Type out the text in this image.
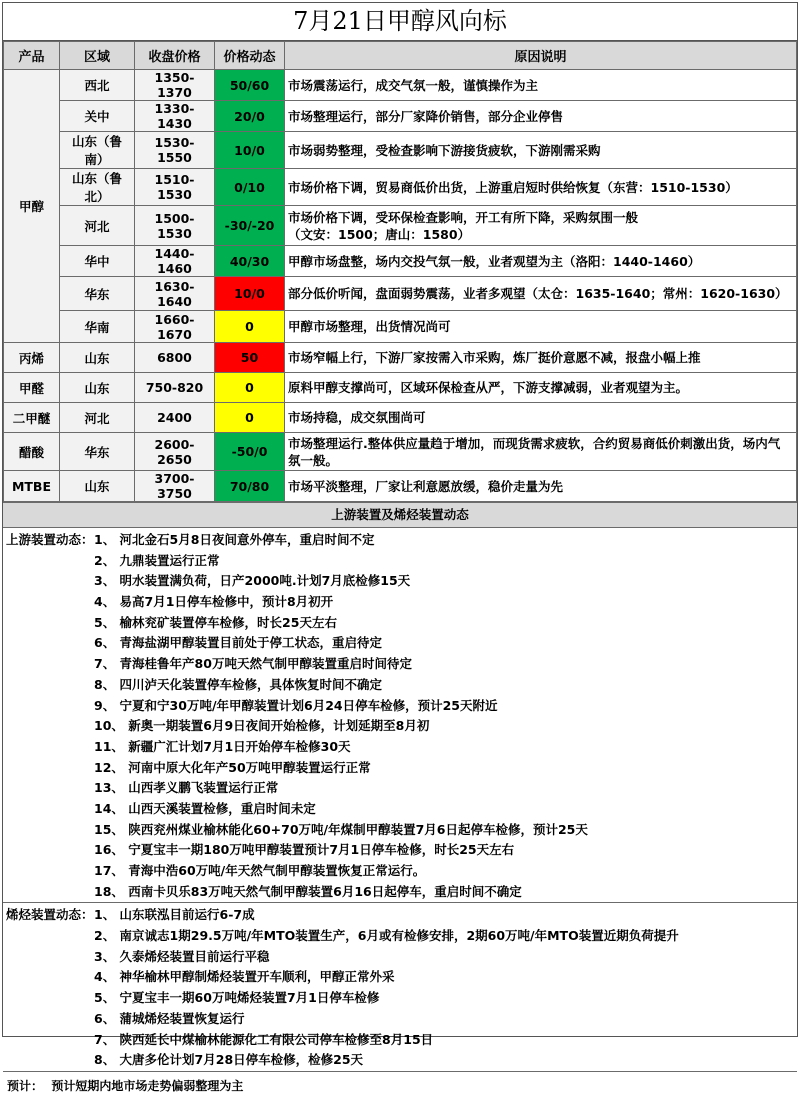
7月21日甲醇风向标
产品	区域	收盘价格	价格动态	原因说明
甲醇	西北	1350-1370	50/60	市场震荡运行，成交气氛一般，谨慎操作为主
	关中	1330-1430	20/0	市场整理运行，部分厂家降价销售，部分企业停售
	山东（鲁南）	1530-1550	10/0	市场弱势整理，受检查影响下游接货疲软，下游刚需采购
	山东（鲁北）	1510-1530	0/10	市场价格下调，贸易商低价出货，上游重启短时供给恢复（东营：1510-1530）
	河北	1500-1530	-30/-20	市场价格下调，受环保检查影响，开工有所下降，采购氛围一般
（文安：1500；唐山：1580）
	华中	1440-1460	40/30	甲醇市场盘整，场内交投气氛一般，业者观望为主（洛阳：1440-1460）
	华东	1630-1640	10/0	部分低价听闻，盘面弱势震荡，业者多观望（太仓：1635-1640；常州：1620-1630）
	华南	1660-1670	0	甲醇市场整理，出货情况尚可
丙烯	山东	6800	50	市场窄幅上行，下游厂家按需入市采购，炼厂挺价意愿不减，报盘小幅上推
甲醛	山东	750-820	0	原料甲醇支撑尚可，区域环保检查从严，下游支撑减弱，业者观望为主。
二甲醚	河北	2400	0	市场持稳，成交氛围尚可
醋酸	华东	2600-2650	-50/0	市场整理运行.整体供应量趋于增加，而现货需求疲软，合约贸易商低价刺激出货，场内气
氛一般。
MTBE	山东	3700-3750	70/80	市场平淡整理，厂家让利意愿放缓，稳价走量为先
上游装置及烯烃装置动态
上游装置动态：1、 河北金石5月8日夜间意外停车，重启时间不定
2、 九鼎装置运行正常
3、 明水装置满负荷，日产2000吨.计划7月底检修15天
4、 易高7月1日停车检修中，预计8月初开
5、 榆林兖矿装置停车检修，时长25天左右
6、 青海盐湖甲醇装置目前处于停工状态，重启待定
7、 青海桂鲁年产80万吨天然气制甲醇装置重启时间待定
8、 四川泸天化装置停车检修，具体恢复时间不确定
9、 宁夏和宁30万吨/年甲醇装置计划6月24日停车检修，预计25天附近
10、 新奥一期装置6月9日夜间开始检修，计划延期至8月初
11、 新疆广汇计划7月1日开始停车检修30天
12、 河南中原大化年产50万吨甲醇装置运行正常
13、 山西孝义鹏飞装置运行正常
14、 山西天溪装置检修，重启时间未定
15、 陕西兖州煤业榆林能化60+70万吨/年煤制甲醇装置7月6日起停车检修，预计25天
16、 宁夏宝丰一期180万吨甲醇装置预计7月1日停车检修，时长25天左右
17、 青海中浩60万吨/年天然气制甲醇装置恢复正常运行。
18、 西南卡贝乐83万吨天然气制甲醇装置6月16日起停车，重启时间不确定
烯烃装置动态：1、 山东联泓目前运行6-7成
2、 南京诚志1期29.5万吨/年MTO装置生产，6月或有检修安排，2期60万吨/年MTO装置近期负荷提升
3、 久泰烯烃装置目前运行平稳
4、 神华榆林甲醇制烯烃装置开车顺利，甲醇正常外采
5、 宁夏宝丰一期60万吨烯烃装置7月1日停车检修
6、 蒲城烯烃装置恢复运行
7、 陕西延长中煤榆林能源化工有限公司停车检修至8月15日
8、 大唐多伦计划7月28日停车检修，检修25天
预计： 预计短期内地市场走势偏弱整理为主
